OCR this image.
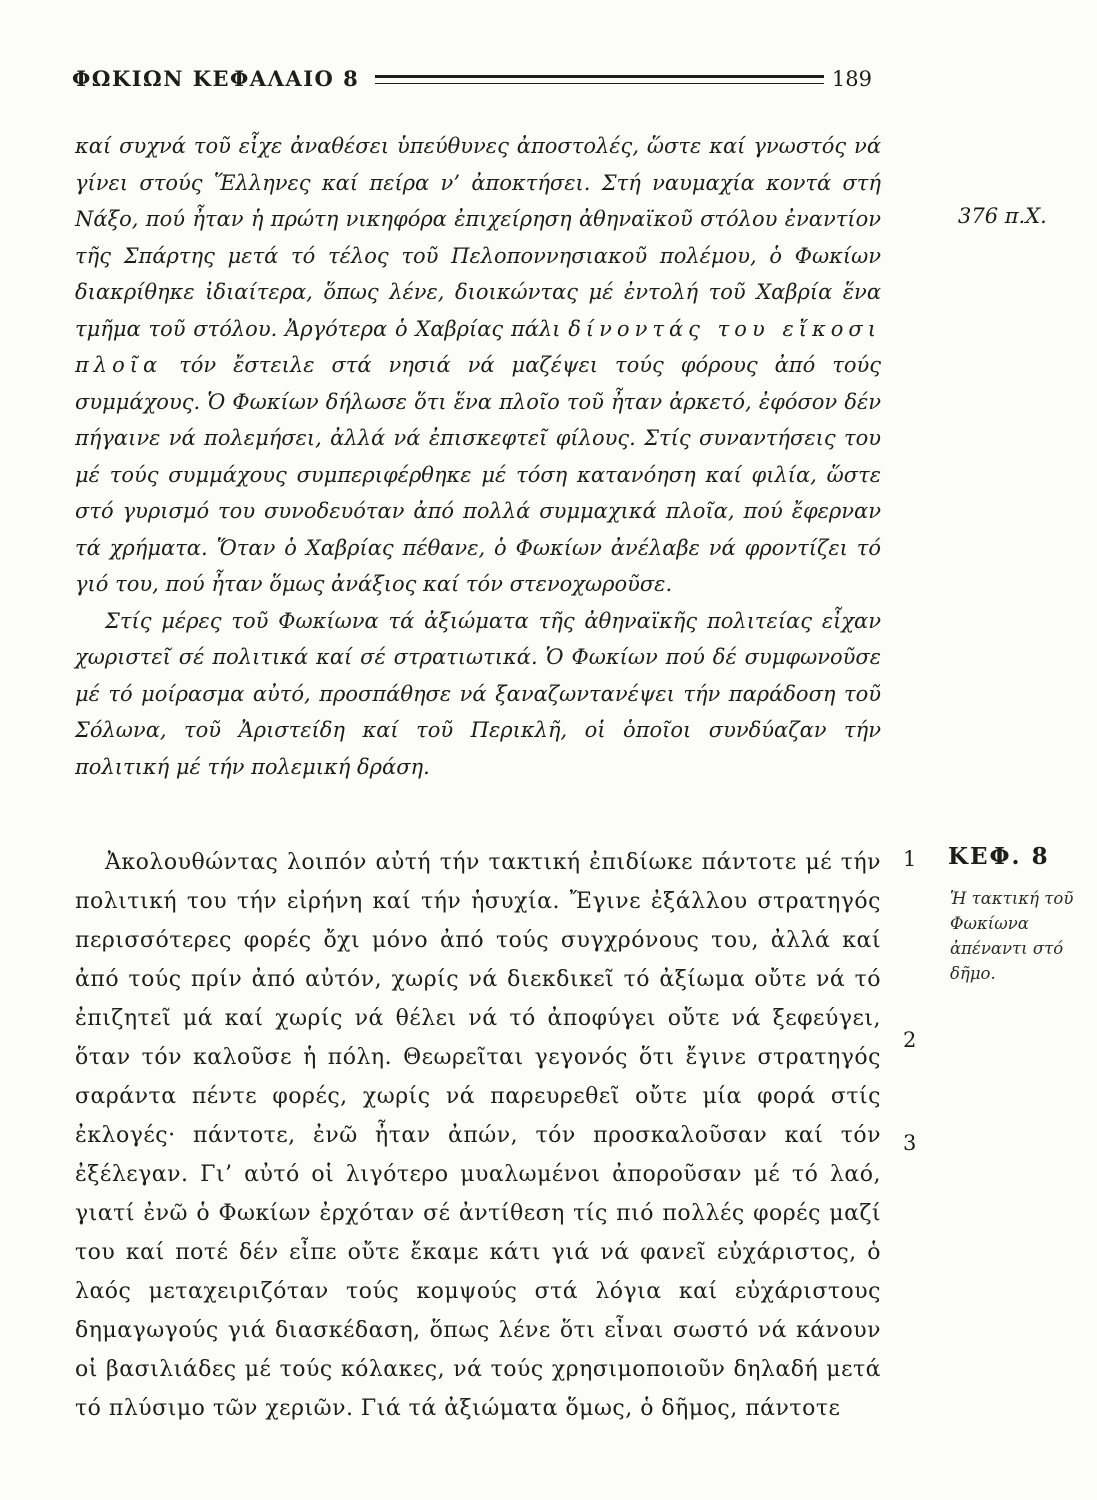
ΦΩΚΙΩΝ ΚΕΦΑΛΑΙΟ 8	189

καί συχνά τοῦ εἶχε ἀναθέσει ὑπεύθυνες ἀποστολές, ὥστε καί γνωστός νά γίνει στούς Ἕλληνες καί πείρα ν’ ἀποκτήσει. Στή ναυμαχία κοντά στή Νάξο, πού ἦταν ἡ πρώτη νικηφόρα ἐπιχείρηση ἀθηναϊκοῦ στόλου ἐναντίον τῆς Σπάρτης μετά τό τέλος τοῦ Πελοποννησιακοῦ πολέμου, ὁ Φωκίων διακρίθηκε ἰδιαίτερα, ὅπως λένε, διοικώντας μέ ἐντολή τοῦ Χαβρία ἕνα τμῆμα τοῦ στόλου. Ἀργότερα ὁ Χαβρίας πάλι δίνοντάς του εἴκοσι πλοῖα τόν ἔστειλε στά νησιά νά μαζέψει τούς φόρους ἀπό τούς συμμάχους. Ὁ Φωκίων δήλωσε ὅτι ἕνα πλοῖο τοῦ ἦταν ἀρκετό, ἐφόσον δέν πήγαινε νά πολεμήσει, ἀλλά νά ἐπισκεφτεῖ φίλους. Στίς συναντήσεις του μέ τούς συμμάχους συμπεριφέρθηκε μέ τόση κατανόηση καί φιλία, ὥστε στό γυρισμό του συνοδευόταν ἀπό πολλά συμμαχικά πλοῖα, πού ἔφερναν τά χρήματα. Ὅταν ὁ Χαβρίας πέθανε, ὁ Φωκίων ἀνέλαβε νά φροντίζει τό γιό του, πού ἦταν ὅμως ἀνάξιος καί τόν στενοχωροῦσε.

Στίς μέρες τοῦ Φωκίωνα τά ἀξιώματα τῆς ἀθηναϊκῆς πολιτείας εἶχαν χωριστεῖ σέ πολιτικά καί σέ στρατιωτικά. Ὁ Φωκίων πού δέ συμφωνοῦσε μέ τό μοίρασμα αὐτό, προσπάθησε νά ξαναζωντανέψει τήν παράδοση τοῦ Σόλωνα, τοῦ Ἀριστείδη καί τοῦ Περικλῆ, οἱ ὁποῖοι συνδύαζαν τήν πολιτική μέ τήν πολεμική δράση.

Ἀκολουθώντας λοιπόν αὐτή τήν τακτική ἐπιδίωκε πάντοτε μέ τήν πολιτική του τήν εἰρήνη καί τήν ἡσυχία. Ἔγινε ἐξάλλου στρατηγός περισσότερες φορές ὄχι μόνο ἀπό τούς συγχρόνους του, ἀλλά καί ἀπό τούς πρίν ἀπό αὐτόν, χωρίς νά διεκδικεῖ τό ἀξίωμα οὔτε νά τό ἐπιζητεῖ μά καί χωρίς νά θέλει νά τό ἀποφύγει οὔτε νά ξεφεύγει, ὅταν τόν καλοῦσε ἡ πόλη. Θεωρεῖται γεγονός ὅτι ἔγινε στρατηγός σαράντα πέντε φορές, χωρίς νά παρευρεθεῖ οὔτε μία φορά στίς ἐκλογές· πάντοτε, ἐνῶ ἦταν ἀπών, τόν προσκαλοῦσαν καί τόν ἐξέλεγαν. Γι’ αὐτό οἱ λιγότερο μυαλωμένοι ἀποροῦσαν μέ τό λαό, γιατί ἐνῶ ὁ Φωκίων ἐρχόταν σέ ἀντίθεση τίς πιό πολλές φορές μαζί του καί ποτέ δέν εἶπε οὔτε ἔκαμε κάτι γιά νά φανεῖ εὐχάριστος, ὁ λαός μεταχειριζόταν τούς κομψούς στά λόγια καί εὐχάριστους δημαγωγούς γιά διασκέδαση, ὅπως λένε ὅτι εἶναι σωστό νά κάνουν οἱ βασιλιάδες μέ τούς κόλακες, νά τούς χρησιμοποιοῦν δηλαδή μετά τό πλύσιμο τῶν χεριῶν. Γιά τά ἀξιώματα ὅμως, ὁ δῆμος, πάντοτε

376 π.Χ.
1 ΚΕΦ. 8
Ἡ τακτική τοῦ Φωκίωνα ἀπέναντι στό δῆμο.
2
3
